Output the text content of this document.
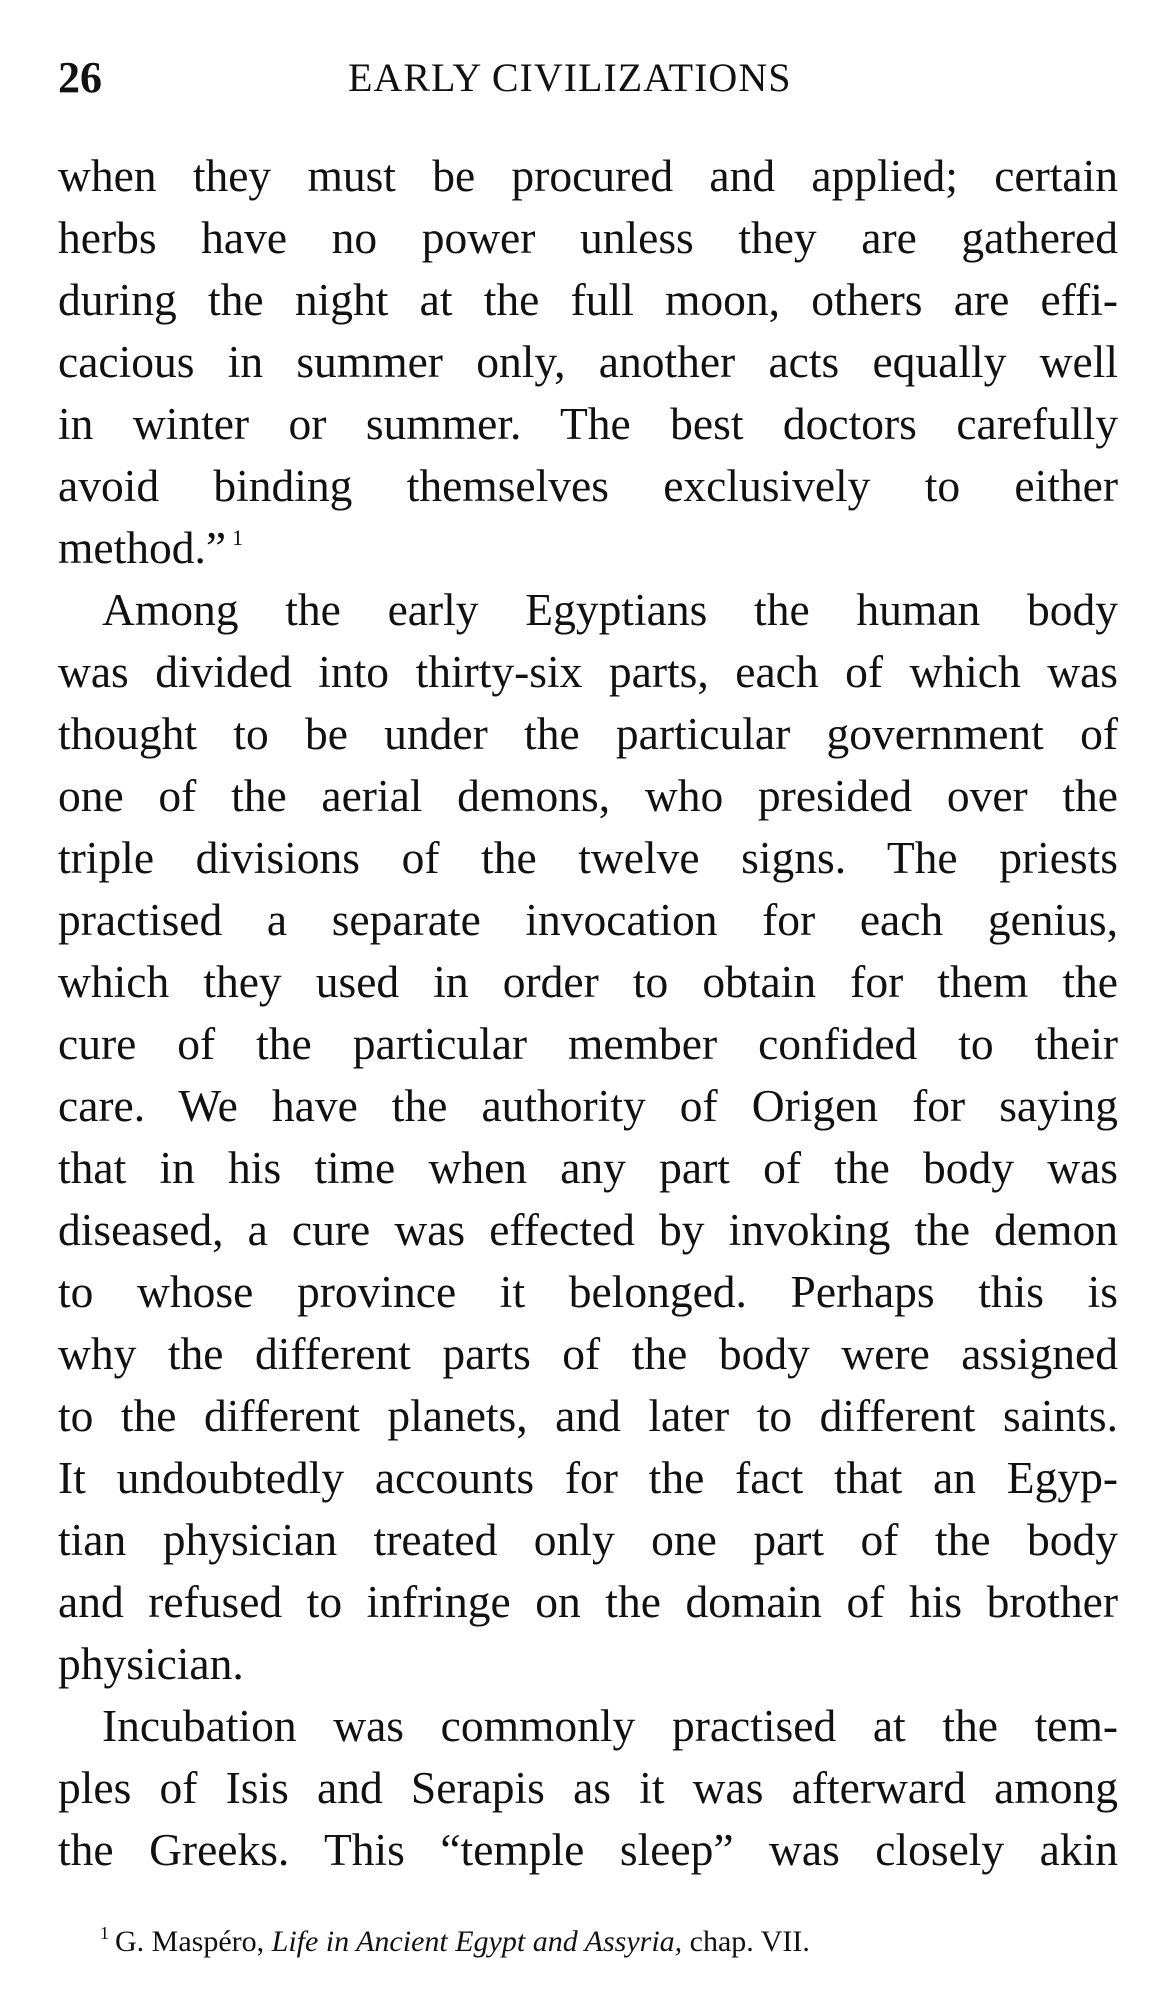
26	EARLY CIVILIZATIONS
when they must be procured and applied; certain
herbs have no power unless they are gathered
during the night at the full moon, others are effi-
cacious in summer only, another acts equally well
in winter or summer. The best doctors carefully
avoid binding themselves exclusively to either
method.” $^1$
Among the early Egyptians the human body
was divided into thirty-six parts, each of which was
thought to be under the particular government of
one of the aerial demons, who presided over the
triple divisions of the twelve signs. The priests
practised a separate invocation for each genius,
which they used in order to obtain for them the
cure of the particular member confided to their
care. We have the authority of Origen for saying
that in his time when any part of the body was
diseased, a cure was effected by invoking the demon
to whose province it belonged. Perhaps this is
why the different parts of the body were assigned
to the different planets, and later to different saints.
It undoubtedly accounts for the fact that an Egyp-
tian physician treated only one part of the body
and refused to infringe on the domain of his brother
physician.
Incubation was commonly practised at the tem-
ples of Isis and Serapis as it was afterward among
the Greeks. This “temple sleep” was closely akin
$^1$ G. Maspéro, Life in Ancient Egypt and Assyria, chap. VII.
